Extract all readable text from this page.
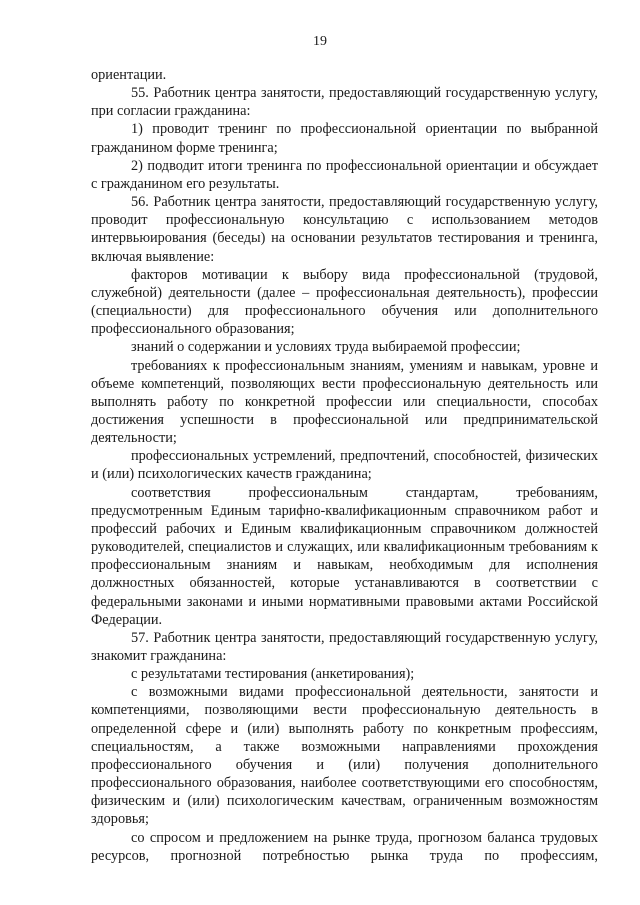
19

ориентации.

55. Работник центра занятости, предоставляющий государственную услугу, при согласии гражданина:

1) проводит тренинг по профессиональной ориентации по выбранной гражданином форме тренинга;

2) подводит итоги тренинга по профессиональной ориентации и обсуждает с гражданином его результаты.

56. Работник центра занятости, предоставляющий государственную услугу, проводит профессиональную консультацию с использованием методов интервьюирования (беседы) на основании результатов тестирования и тренинга, включая выявление:

факторов мотивации к выбору вида профессиональной (трудовой, служебной) деятельности (далее – профессиональная деятельность), профессии (специальности) для профессионального обучения или дополнительного профессионального образования;

знаний о содержании и условиях труда выбираемой профессии;

требованиях к профессиональным знаниям, умениям и навыкам, уровне и объеме компетенций, позволяющих вести профессиональную деятельность или выполнять работу по конкретной профессии или специальности, способах достижения успешности в профессиональной или предпринимательской деятельности;

профессиональных устремлений, предпочтений, способностей, физических и (или) психологических качеств гражданина;

соответствия профессиональным стандартам, требованиям, предусмотренным Единым тарифно-квалификационным справочником работ и профессий рабочих и Единым квалификационным справочником должностей руководителей, специалистов и служащих, или квалификационным требованиям к профессиональным знаниям и навыкам, необходимым для исполнения должностных обязанностей, которые устанавливаются в соответствии с федеральными законами и иными нормативными правовыми актами Российской Федерации.

57. Работник центра занятости, предоставляющий государственную услугу, знакомит гражданина:

с результатами тестирования (анкетирования);

с возможными видами профессиональной деятельности, занятости и компетенциями, позволяющими вести профессиональную деятельность в определенной сфере и (или) выполнять работу по конкретным профессиям, специальностям, а также возможными направлениями прохождения профессионального обучения и (или) получения дополнительного профессионального образования, наиболее соответствующими его способностям, физическим и (или) психологическим качествам, ограниченным возможностям здоровья;

со спросом и предложением на рынке труда, прогнозом баланса трудовых ресурсов, прогнозной потребностью рынка труда по профессиям,
